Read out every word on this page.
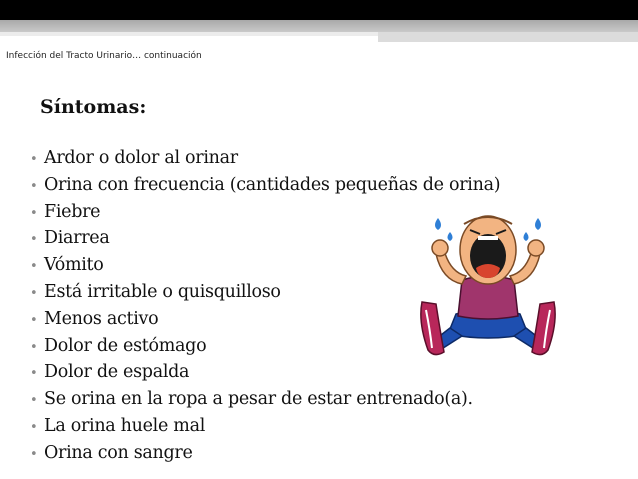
Infección del Tracto Urinario… continuación
Síntomas:
• Ardor o dolor al orinar
• Orina con frecuencia (cantidades pequeñas de orina)
• Fiebre
• Diarrea
• Vómito
• Está irritable o quisquilloso
• Menos activo
• Dolor de estómago
• Dolor de espalda
• Se orina en la ropa a pesar de estar entrenado(a).
• La orina huele mal
• Orina con sangre
